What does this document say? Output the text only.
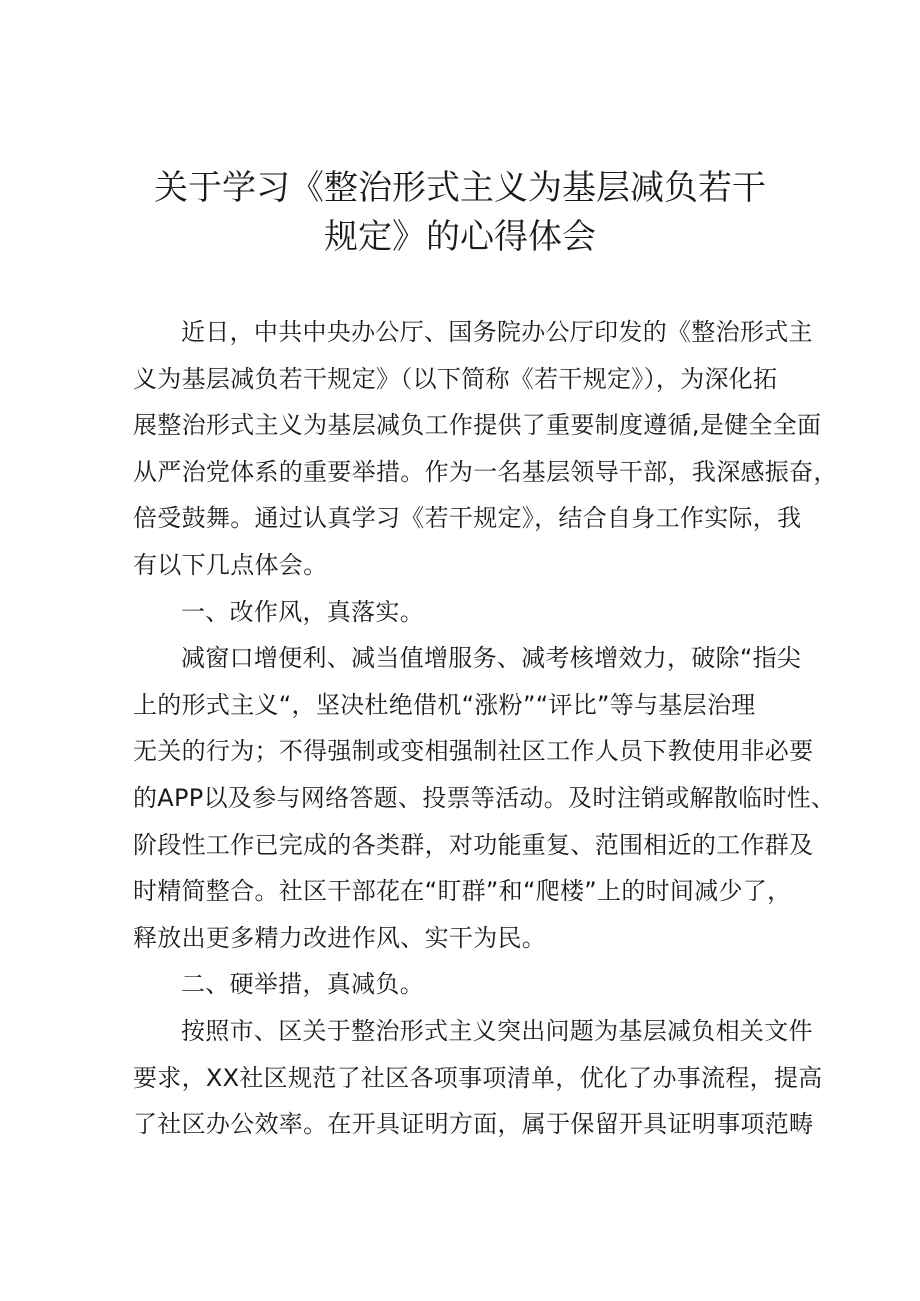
关于学习《整治形式主义为基层减负若干
规定》的心得体会
近日，中共中央办公厅、国务院办公厅印发的《整治形式主
义为基层减负若干规定》（以下简称《若干规定》），为深化拓
展整治形式主义为基层减负工作提供了重要制度遵循,是健全全面
从严治党体系的重要举措。作为一名基层领导干部，我深感振奋，
倍受鼓舞。通过认真学习《若干规定》，结合自身工作实际，我
有以下几点体会。
一、改作风，真落实。
减窗口增便利、减当值增服务、减考核增效力，破除“指尖
上的形式主义“，坚决杜绝借机“涨粉”“评比”等与基层治理
无关的行为；不得强制或变相强制社区工作人员下教使用非必要
的APP以及参与网络答题、投票等活动。及时注销或解散临时性、
阶段性工作已完成的各类群，对功能重复、范围相近的工作群及
时精简整合。社区干部花在“盯群”和“爬楼”上的时间减少了，
释放出更多精力改进作风、实干为民。
二、硬举措，真减负。
按照市、区关于整治形式主义突出问题为基层减负相关文件
要求，XX社区规范了社区各项事项清单，优化了办事流程，提高
了社区办公效率。在开具证明方面，属于保留开具证明事项范畴
